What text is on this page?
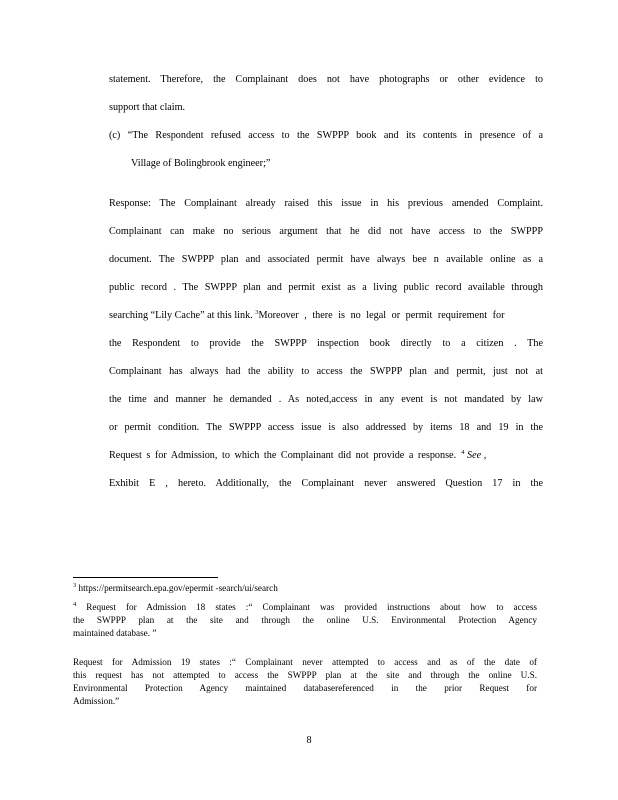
statement. Therefore, the Complainant does not have photographs or other evidence to
support that claim.
(c) “The Respondent refused access to the SWPPP book and its contents in presence of a
Village of Bolingbrook engineer;”
Response: The Complainant already raised this issue in his previous amended Complaint.
Complainant can make no serious argument that he did not have access to the SWPPP
document. The SWPPP plan and associated permit have always bee n available online as a
public record . The SWPPP plan and permit exist as a living public record available through
searching “Lily Cache” at this link. $^3$Moreover , there is no legal or permit requirement for
the Respondent to provide the SWPPP inspection book directly to a citizen . The
Complainant has always had the ability to access the SWPPP plan and permit, just not at
the time and manner he demanded . As noted,access in any event is not mandated by law
or permit condition. The SWPPP access issue is also addressed by items 18 and 19 in the
Request s for Admission, to which the Complainant did not provide a response. $^4$ See ,
Exhibit E , hereto. Additionally, the Complainant never answered Question 17 in the
$^3$ https://permitsearch.epa.gov/epermit -search/ui/search
$^4$ Request for Admission 18 states :“ Complainant was provided instructions about how to access
the SWPPP plan at the site and through the online U.S. Environmental Protection Agency
maintained database. ”
Request for Admission 19 states :“ Complainant never attempted to access and as of the date of
this request has not attempted to access the SWPPP plan at the site and through the online U.S.
Environmental Protection Agency maintained databasereferenced in the prior Request for
Admission.”
8
